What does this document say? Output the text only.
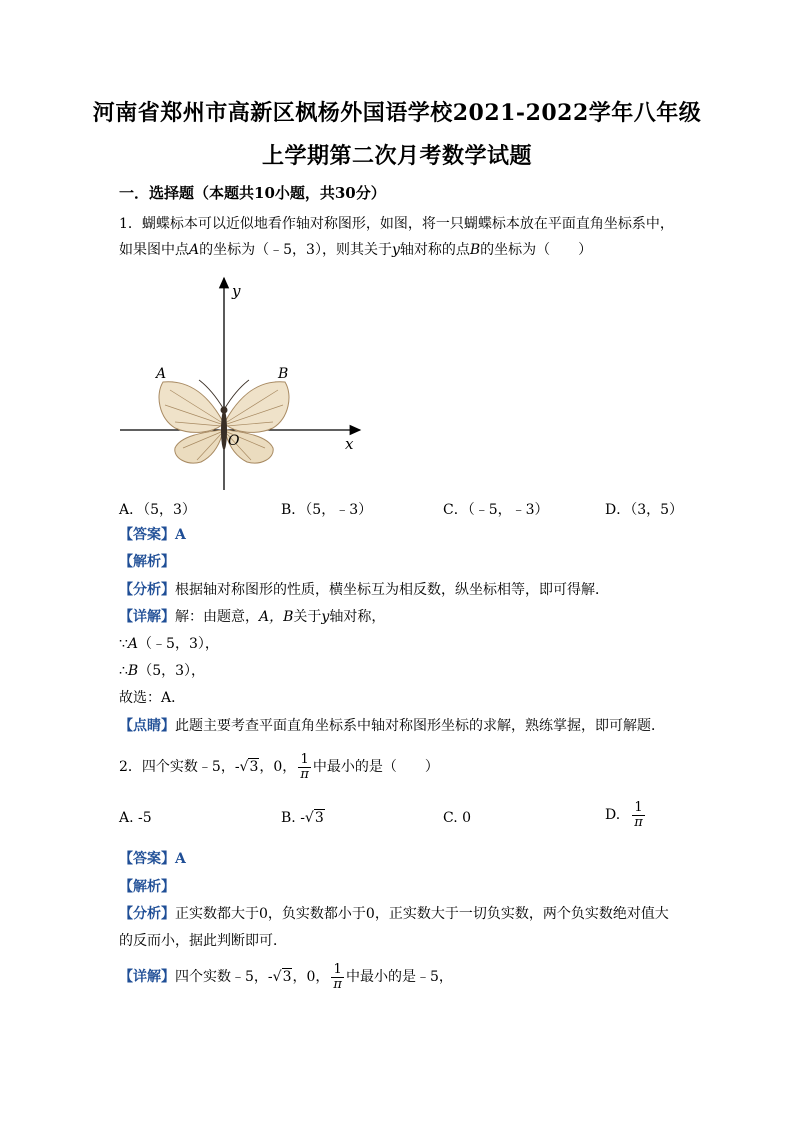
河南省郑州市高新区枫杨外国语学校2021-2022学年八年级
上学期第二次月考数学试题
一．选择题（本题共10小题，共30分）
1．蝴蝶标本可以近似地看作轴对称图形，如图，将一只蝴蝶标本放在平面直角坐标系中，
如果图中点A的坐标为（﹣5，3），则其关于y轴对称的点B的坐标为（　　）
y
x
O
A	B
A．（5，3）	B．（5，﹣3）	C．（﹣5，﹣3）	D．（3，5）
【答案】A
【解析】
【分析】根据轴对称图形的性质，横坐标互为相反数，纵坐标相等，即可得解．
【详解】解：由题意，A，B关于y轴对称，
∵A（﹣5，3），
∴B（5，3），
故选：A．
【点睛】此题主要考查平面直角坐标系中轴对称图形坐标的求解，熟练掌握，即可解题．
2．四个实数﹣5，-√3，0， $\frac{1}{\pi}$ 中最小的是（　　）
A. -5	B. -√3	C. 0	D. $\frac{1}{\pi}$
【答案】A
【解析】
【分析】正实数都大于0，负实数都小于0，正实数大于一切负实数，两个负实数绝对值大
的反而小，据此判断即可．
【详解】四个实数﹣5，-√3，0， $\frac{1}{\pi}$ 中最小的是﹣5，
